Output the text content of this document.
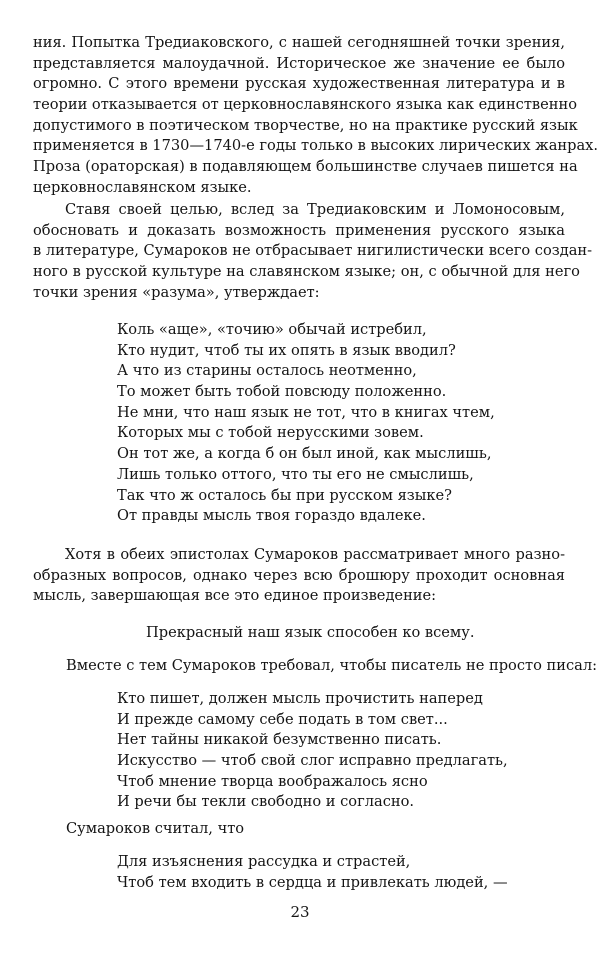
ния. Попытка Тредиаковского, с нашей сегодняшней точки зрения,
представляется малоудачной. Историческое же значение ее было
огромно. С этого времени русская художественная литература и в
теории отказывается от церковнославянского языка как единственно
допустимого в поэтическом творчестве, но на практике русский язык
применяется в 1730—1740-е годы только в высоких лирических жанрах.
Проза (ораторская) в подавляющем большинстве случаев пишется на
церковнославянском языке.
Ставя своей целью, вслед за Тредиаковским и Ломоносовым,
обосновать и доказать возможность применения русского языка
в литературе, Сумароков не отбрасывает нигилистически всего создан-
ного в русской культуре на славянском языке; он, с обычной для него
точки зрения «разума», утверждает:
Коль «аще», «точию» обычай истребил,
Кто нудит, чтоб ты их опять в язык вводил?
А что из старины осталось неотменно,
То может быть тобой повсюду положенно.
Не мни, что наш язык не тот, что в книгах чтем,
Которых мы с тобой нерусскими зовем.
Он тот же, а когда б он был иной, как мыслишь,
Лишь только оттого, что ты его не смыслишь,
Так что ж осталось бы при русском языке?
От правды мысль твоя гораздо вдалеке.
Хотя в обеих эпистолах Сумароков рассматривает много разно-
образных вопросов, однако через всю брошюру проходит основная
мысль, завершающая все это единое произведение:

Прекрасный наш язык способен ко всему.

Вместе с тем Сумароков требовал, чтобы писатель не просто писал:

Кто пишет, должен мысль прочистить наперед
И прежде самому себе подать в том свет...
Нет тайны никакой безумственно писать.
Искусство — чтоб свой слог исправно предлагать,
Чтоб мнение творца воображалось ясно
И речи бы текли свободно и согласно.

Сумароков считал, что

Для изъяснения рассудка и страстей,
Чтоб тем входить в сердца и привлекать людей, —
23
